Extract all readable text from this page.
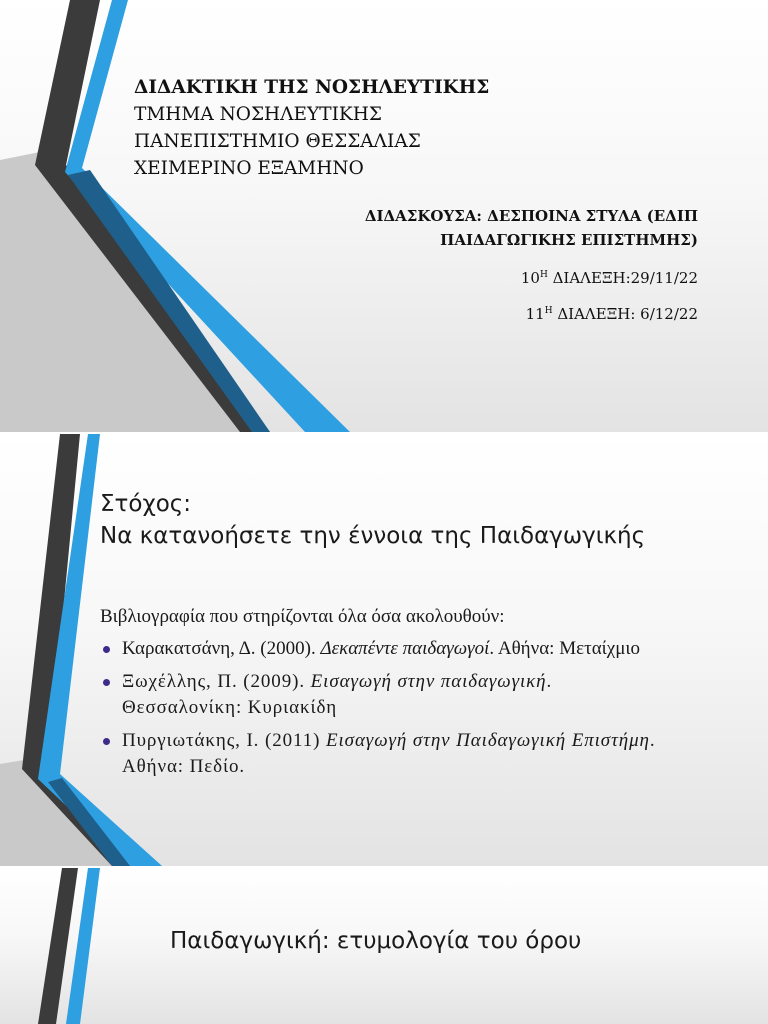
ΔΙΔΑΚΤΙΚΗ ΤΗΣ ΝΟΣΗΛΕΥΤΙΚΗΣ
ΤΜΗΜΑ ΝΟΣΗΛΕΥΤΙΚΗΣ
ΠΑΝΕΠΙΣΤΗΜΙΟ ΘΕΣΣΑΛΙΑΣ
ΧΕΙΜΕΡΙΝΟ ΕΞΑΜΗΝΟ
ΔΙΔΑΣΚΟΥΣΑ: ΔΕΣΠΟΙΝΑ ΣΤΥΛΑ (ΕΔΙΠ
ΠΑΙΔΑΓΩΓΙΚΗΣ ΕΠΙΣΤΗΜΗΣ)
$10^H$ ΔΙΑΛΕΞΗ:29/11/22
$11^H$ ΔΙΑΛΕΞΗ: 6/12/22
Στόχος:
Να κατανοήσετε την έννοια της Παιδαγωγικής
Βιβλιογραφία που στηρίζονται όλα όσα ακολουθούν:
Καρακατσάνη, Δ. (2000). Δεκαπέντε παιδαγωγοί. Αθήνα: Μεταίχμιο
Ξωχέλλης, Π. (2009). Εισαγωγή στην παιδαγωγική. Θεσσαλονίκη: Κυριακίδη
Πυργιωτάκης, Ι. (2011) Εισαγωγή στην Παιδαγωγική Επιστήμη. Αθήνα: Πεδίο.
Παιδαγωγική: ετυμολογία του όρου
